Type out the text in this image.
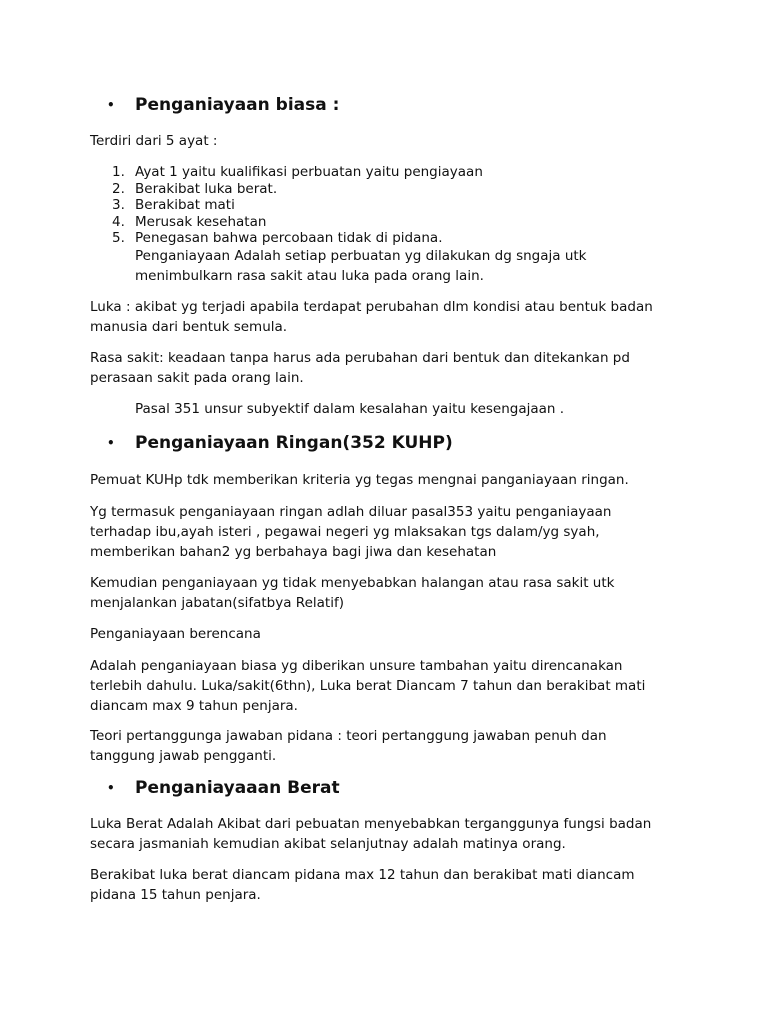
• Penganiayaan biasa :

Terdiri dari 5 ayat :

1. Ayat 1 yaitu kualifikasi perbuatan yaitu pengiayaan
2. Berakibat luka berat.
3. Berakibat mati
4. Merusak kesehatan
5. Penegasan bahwa percobaan tidak di pidana.

Penganiayaan Adalah setiap perbuatan yg dilakukan dg sngaja utk
menimbulkarn rasa sakit atau luka pada orang lain.

Luka : akibat yg terjadi apabila terdapat perubahan dlm kondisi atau bentuk badan
manusia dari bentuk semula.

Rasa sakit: keadaan tanpa harus ada perubahan dari bentuk dan ditekankan pd
perasaan sakit pada orang lain.

Pasal 351 unsur subyektif dalam kesalahan yaitu kesengajaan .

• Penganiayaan Ringan(352 KUHP)

Pemuat KUHp tdk memberikan kriteria yg tegas mengnai panganiayaan ringan.

Yg termasuk penganiayaan ringan adlah diluar pasal353 yaitu penganiayaan
terhadap ibu,ayah isteri , pegawai negeri yg mlaksakan tgs dalam/yg syah,
memberikan bahan2 yg berbahaya bagi jiwa dan kesehatan

Kemudian penganiayaan yg tidak menyebabkan halangan atau rasa sakit utk
menjalankan jabatan(sifatbya Relatif)

Penganiayaan berencana

Adalah penganiayaan biasa yg diberikan unsure tambahan yaitu direncanakan
terlebih dahulu. Luka/sakit(6thn), Luka berat Diancam 7 tahun dan berakibat mati
diancam max 9 tahun penjara.

Teori pertanggunga jawaban pidana : teori pertanggung jawaban penuh dan
tanggung jawab pengganti.

• Penganiayaaan Berat

Luka Berat Adalah Akibat dari pebuatan menyebabkan terganggunya fungsi badan
secara jasmaniah kemudian akibat selanjutnay adalah matinya orang.

Berakibat luka berat diancam pidana max 12 tahun dan berakibat mati diancam
pidana 15 tahun penjara.
